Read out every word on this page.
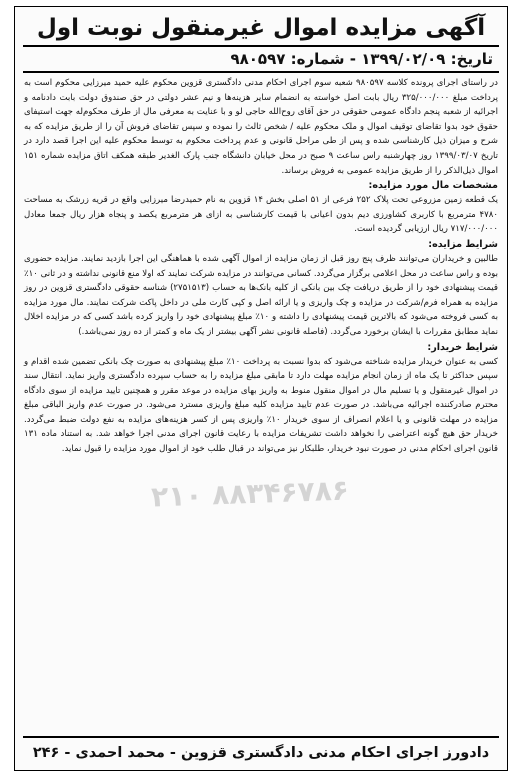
۲۱۰ ۸۸۳۴۶۷۸۶
آگهی مزایده اموال غیرمنقول نوبت اول
تاریخ: ۱۳۹۹/۰۲/۰۹ - شماره: ۹۸۰۵۹۷

در راستای اجرای پرونده کلاسه ۹۸۰۵۹۷ شعبه سوم اجرای احکام مدنی دادگستری قزوین محکوم علیه حمید میرزایی محکوم است به پرداخت مبلغ ۳۲۵/۰۰۰/۰۰۰ ریال بابت اصل خواسته به انضمام سایر هزینه‌ها و نیم عشر دولتی در حق صندوق دولت بابت دادنامه و اجرائیه از شعبه پنجم دادگاه عمومی حقوقی در حق آقای روح‌الله حاجی لو و با عنایت به معرفی مال از طرف محکوم‌له جهت استیفای حقوق خود بدوا تقاضای توقیف اموال و ملک محکوم علیه / شخص ثالث را نموده و سپس تقاضای فروش آن را از طریق مزایده که به شرح و میزان ذیل کارشناسی شده و پس از طی مراحل قانونی و عدم پرداخت محکوم به توسط محکوم علیه این اجرا قصد دارد در تاریخ ۱۳۹۹/۰۳/۰۷ روز چهارشنبه راس ساعت ۹ صبح در محل خیابان دانشگاه جنب پارک الغدیر طبقه همکف اتاق مزایده شماره ۱۵۱ اموال ذیل‌الذکر را از طریق مزایده عمومی به فروش برساند.

مشخصات مال مورد مزایده:

یک قطعه زمین مزروعی تحت پلاک ۲۵۲ فرعی از ۵۱ اصلی بخش ۱۴ قزوین به نام حمیدرضا میرزایی واقع در قریه زرشک به مساحت ۴۷۸۰ مترمربع با کاربری کشاورزی دیم بدون اعیانی با قیمت کارشناسی به ازای هر مترمربع یکصد و پنجاه هزار ریال جمعا معادل ۷۱۷/۰۰۰/۰۰۰ ریال ارزیابی گردیده است.

شرایط مزایده:

طالبین و خریداران می‌توانند ظرف پنج روز قبل از زمان مزایده از اموال آگهی شده با هماهنگی این اجرا بازدید نمایند. مزایده حضوری بوده و راس ساعت در محل اعلامی برگزار می‌گردد. کسانی می‌توانند در مزایده شرکت نمایند که اولا منع قانونی نداشته و در ثانی ۱۰٪ قیمت پیشنهادی خود را از طریق دریافت چک بین بانکی از کلیه بانک‌ها به حساب (۲۷۵۱۵۱۳) شناسه حقوقی دادگستری قزوین در روز مزایده به همراه فرم/شرکت در مزایده و چک واریزی و یا ارائه اصل و کپی کارت ملی در داخل پاکت شرکت نمایند. مال مورد مزایده به کسی فروخته می‌شود که بالاترین قیمت پیشنهادی را داشته و ۱۰٪ مبلغ پیشنهادی خود را واریز کرده باشد کسی که در مزایده اخلال نماید مطابق مقررات با ایشان برخورد می‌گردد. (فاصله قانونی نشر آگهی بیشتر از یک ماه و کمتر از ده روز نمی‌باشد.)

شرایط خریدار:

کسی به عنوان خریدار مزایده شناخته می‌شود که بدوا نسبت به پرداخت ۱۰٪ مبلغ پیشنهادی به صورت چک بانکی تضمین شده اقدام و سپس حداکثر تا یک ماه از زمان انجام مزایده مهلت دارد تا مابقی مبلغ مزایده را به حساب سپرده دادگستری واریز نماید. انتقال سند در اموال غیرمنقول و یا تسلیم مال در اموال منقول منوط به واریز بهای مزایده در موعد مقرر و همچنین تایید مزایده از سوی دادگاه محترم صادرکننده اجرائیه می‌باشد. در صورت عدم تایید مزایده کلیه مبلغ واریزی مسترد می‌شود. در صورت عدم واریز الباقی مبلغ مزایده در مهلت قانونی و یا اعلام انصراف از سوی خریدار ۱۰٪ واریزی پس از کسر هزینه‌های مزایده به نفع دولت ضبط می‌گردد. خریدار حق هیچ گونه اعتراضی را نخواهد داشت تشریفات مزایده با رعایت قانون اجرای مدنی اجرا خواهد شد. به استناد ماده ۱۳۱ قانون اجرای احکام مدنی در صورت نبود خریدار، طلبکار نیز می‌تواند در قبال طلب خود از اموال مورد مزایده را قبول نماید.

دادورز اجرای احکام مدنی دادگستری قزوین - محمد احمدی - ۲۴۶
